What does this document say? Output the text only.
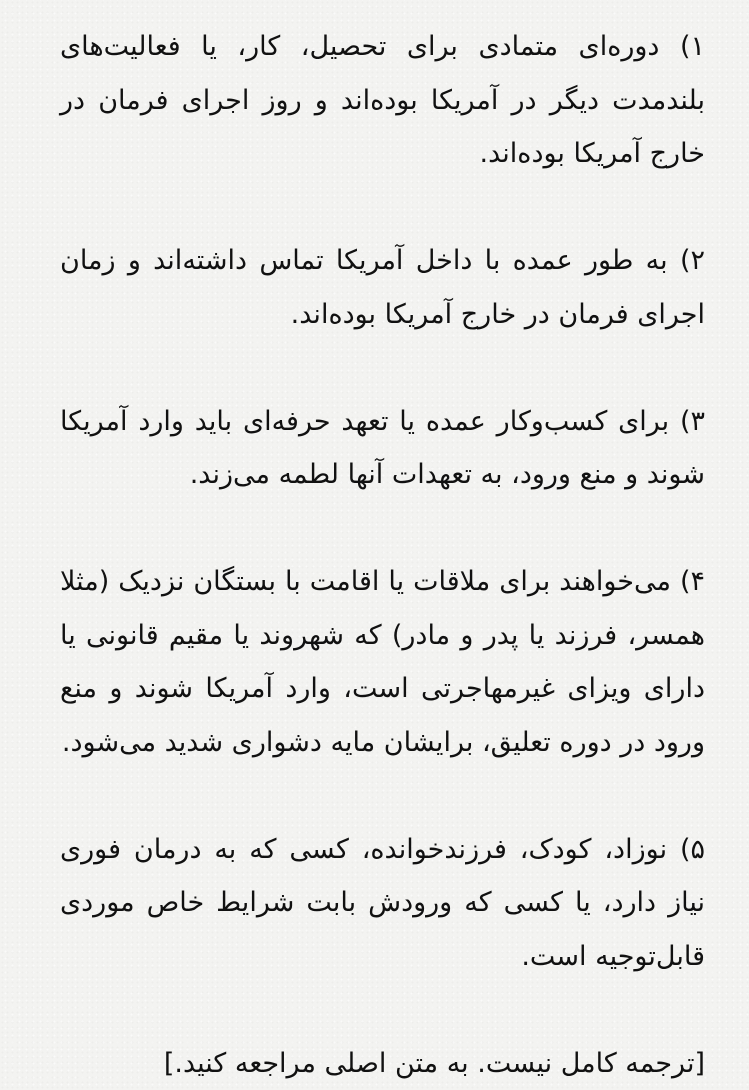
۱) دوره‌ای متمادی برای تحصیل، کار، یا فعالیت‌های بلندمدت دیگر در آمریکا بوده‌اند و روز اجرای فرمان در خارج آمریکا بوده‌اند.

۲) به طور عمده با داخل آمریکا تماس داشته‌اند و زمان اجرای فرمان در خارج آمریکا بوده‌اند.

۳) برای کسب‌وکار عمده یا تعهد حرفه‌ای باید وارد آمریکا شوند و منع ورود، به تعهدات آنها لطمه می‌زند.

۴) می‌خواهند برای ملاقات یا اقامت با بستگان نزدیک (مثلا همسر، فرزند یا پدر و مادر) که شهروند یا مقیم قانونی یا دارای ویزای غیرمهاجرتی است، وارد آمریکا شوند و منع ورود در دوره تعلیق، برایشان مایه دشواری شدید می‌شود.

۵) نوزاد، کودک، فرزندخوانده، کسی که به درمان فوری نیاز دارد، یا کسی که ورودش بابت شرایط خاص موردی قابل‌توجیه است.

[ترجمه کامل نیست. به متن اصلی مراجعه کنید.]
